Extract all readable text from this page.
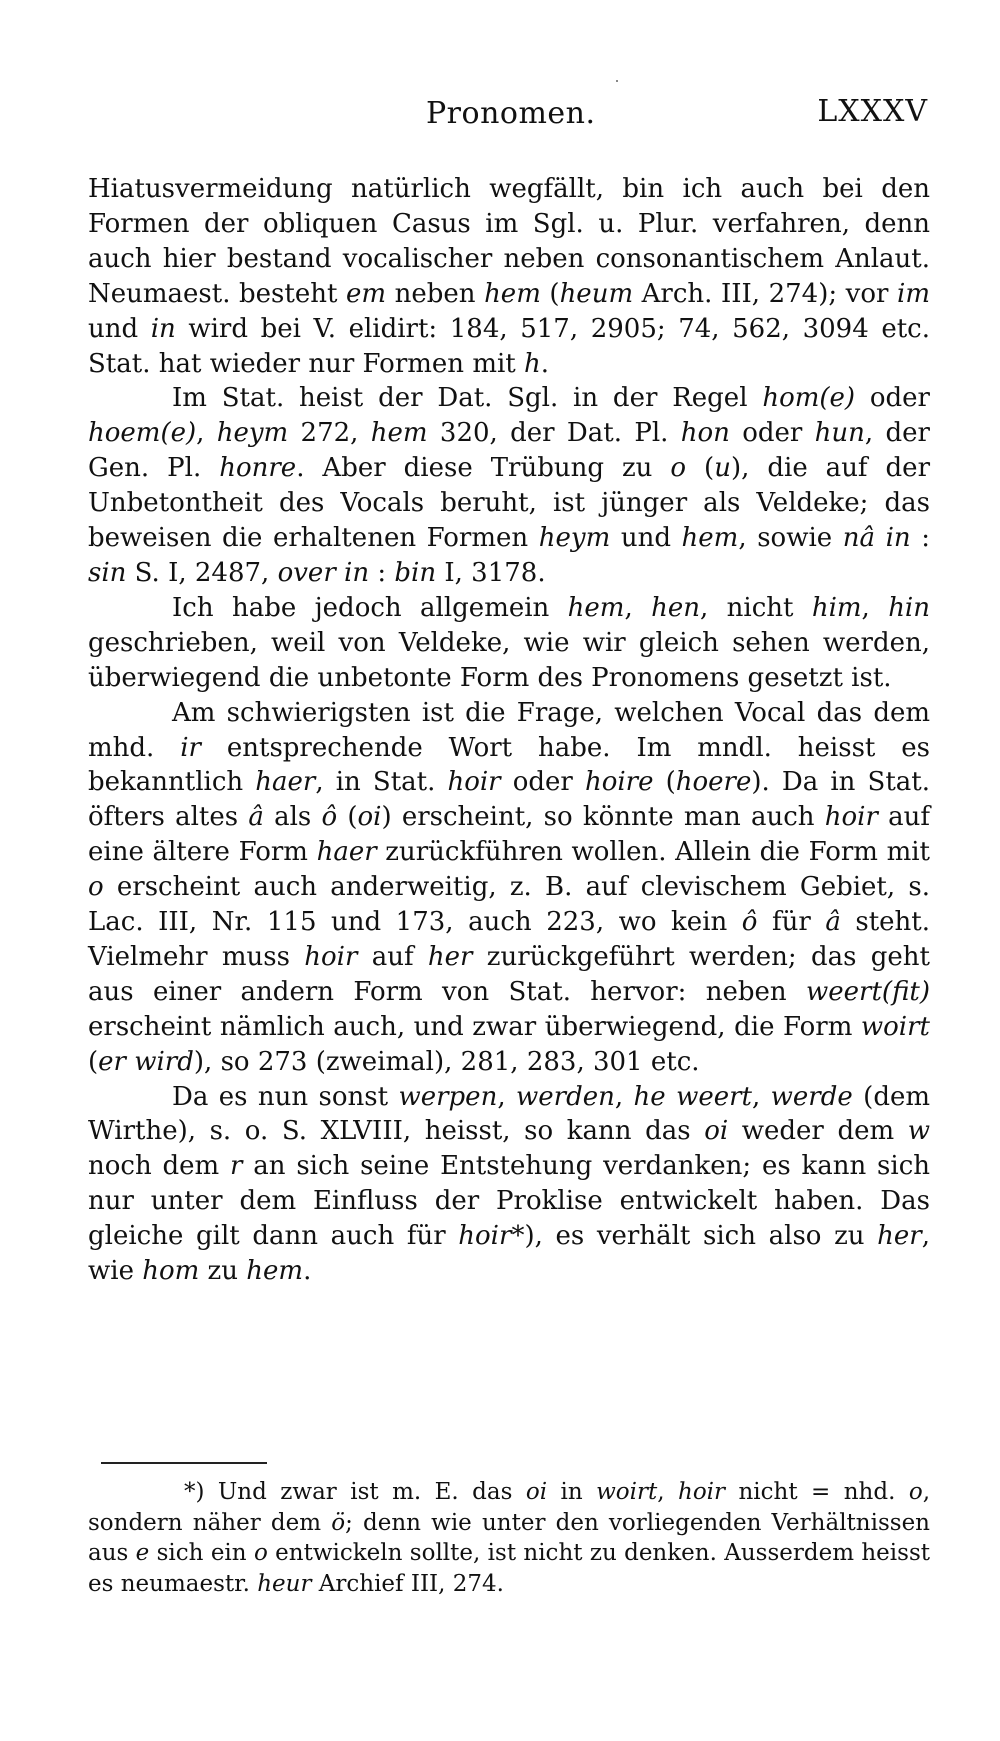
Pronomen.	LXXXV

Hiatusvermeidung natürlich wegfällt, bin ich auch bei den Formen der obliquen Casus im Sgl. u. Plur. verfahren, denn auch hier bestand vocalischer neben consonantischem Anlaut. Neumaest. besteht em neben hem (heum Arch. III, 274); vor im und in wird bei V. elidirt: 184, 517, 2905; 74, 562, 3094 etc. Stat. hat wieder nur Formen mit h.

Im Stat. heist der Dat. Sgl. in der Regel hom(e) oder hoem(e), heym 272, hem 320, der Dat. Pl. hon oder hun, der Gen. Pl. honre. Aber diese Trübung zu o (u), die auf der Unbetontheit des Vocals beruht, ist jünger als Veldeke; das beweisen die erhaltenen Formen heym und hem, sowie nâ in : sin S. I, 2487, over in : bin I, 3178.

Ich habe jedoch allgemein hem, hen, nicht him, hin geschrieben, weil von Veldeke, wie wir gleich sehen werden, überwiegend die unbetonte Form des Pronomens gesetzt ist.

Am schwierigsten ist die Frage, welchen Vocal das dem mhd. ir entsprechende Wort habe. Im mndl. heisst es bekanntlich haer, in Stat. hoir oder hoire (hoere). Da in Stat. öfters altes â als ô (oi) erscheint, so könnte man auch hoir auf eine ältere Form haer zurückführen wollen. Allein die Form mit o erscheint auch anderweitig, z. B. auf clevischem Gebiet, s. Lac. III, Nr. 115 und 173, auch 223, wo kein ô für â steht. Vielmehr muss hoir auf her zurückgeführt werden; das geht aus einer andern Form von Stat. hervor: neben weert(fit) erscheint nämlich auch, und zwar überwiegend, die Form woirt (er wird), so 273 (zweimal), 281, 283, 301 etc.

Da es nun sonst werpen, werden, he weert, werde (dem Wirthe), s. o. S. XLVIII, heisst, so kann das oi weder dem w noch dem r an sich seine Entstehung verdanken; es kann sich nur unter dem Einfluss der Proklise entwickelt haben. Das gleiche gilt dann auch für hoir*), es verhält sich also zu her, wie hom zu hem.

*) Und zwar ist m. E. das oi in woirt, hoir nicht = nhd. o, sondern näher dem ö; denn wie unter den vorliegenden Verhältnissen aus e sich ein o entwickeln sollte, ist nicht zu denken. Ausserdem heisst es neumaestr. heur Archief III, 274.
